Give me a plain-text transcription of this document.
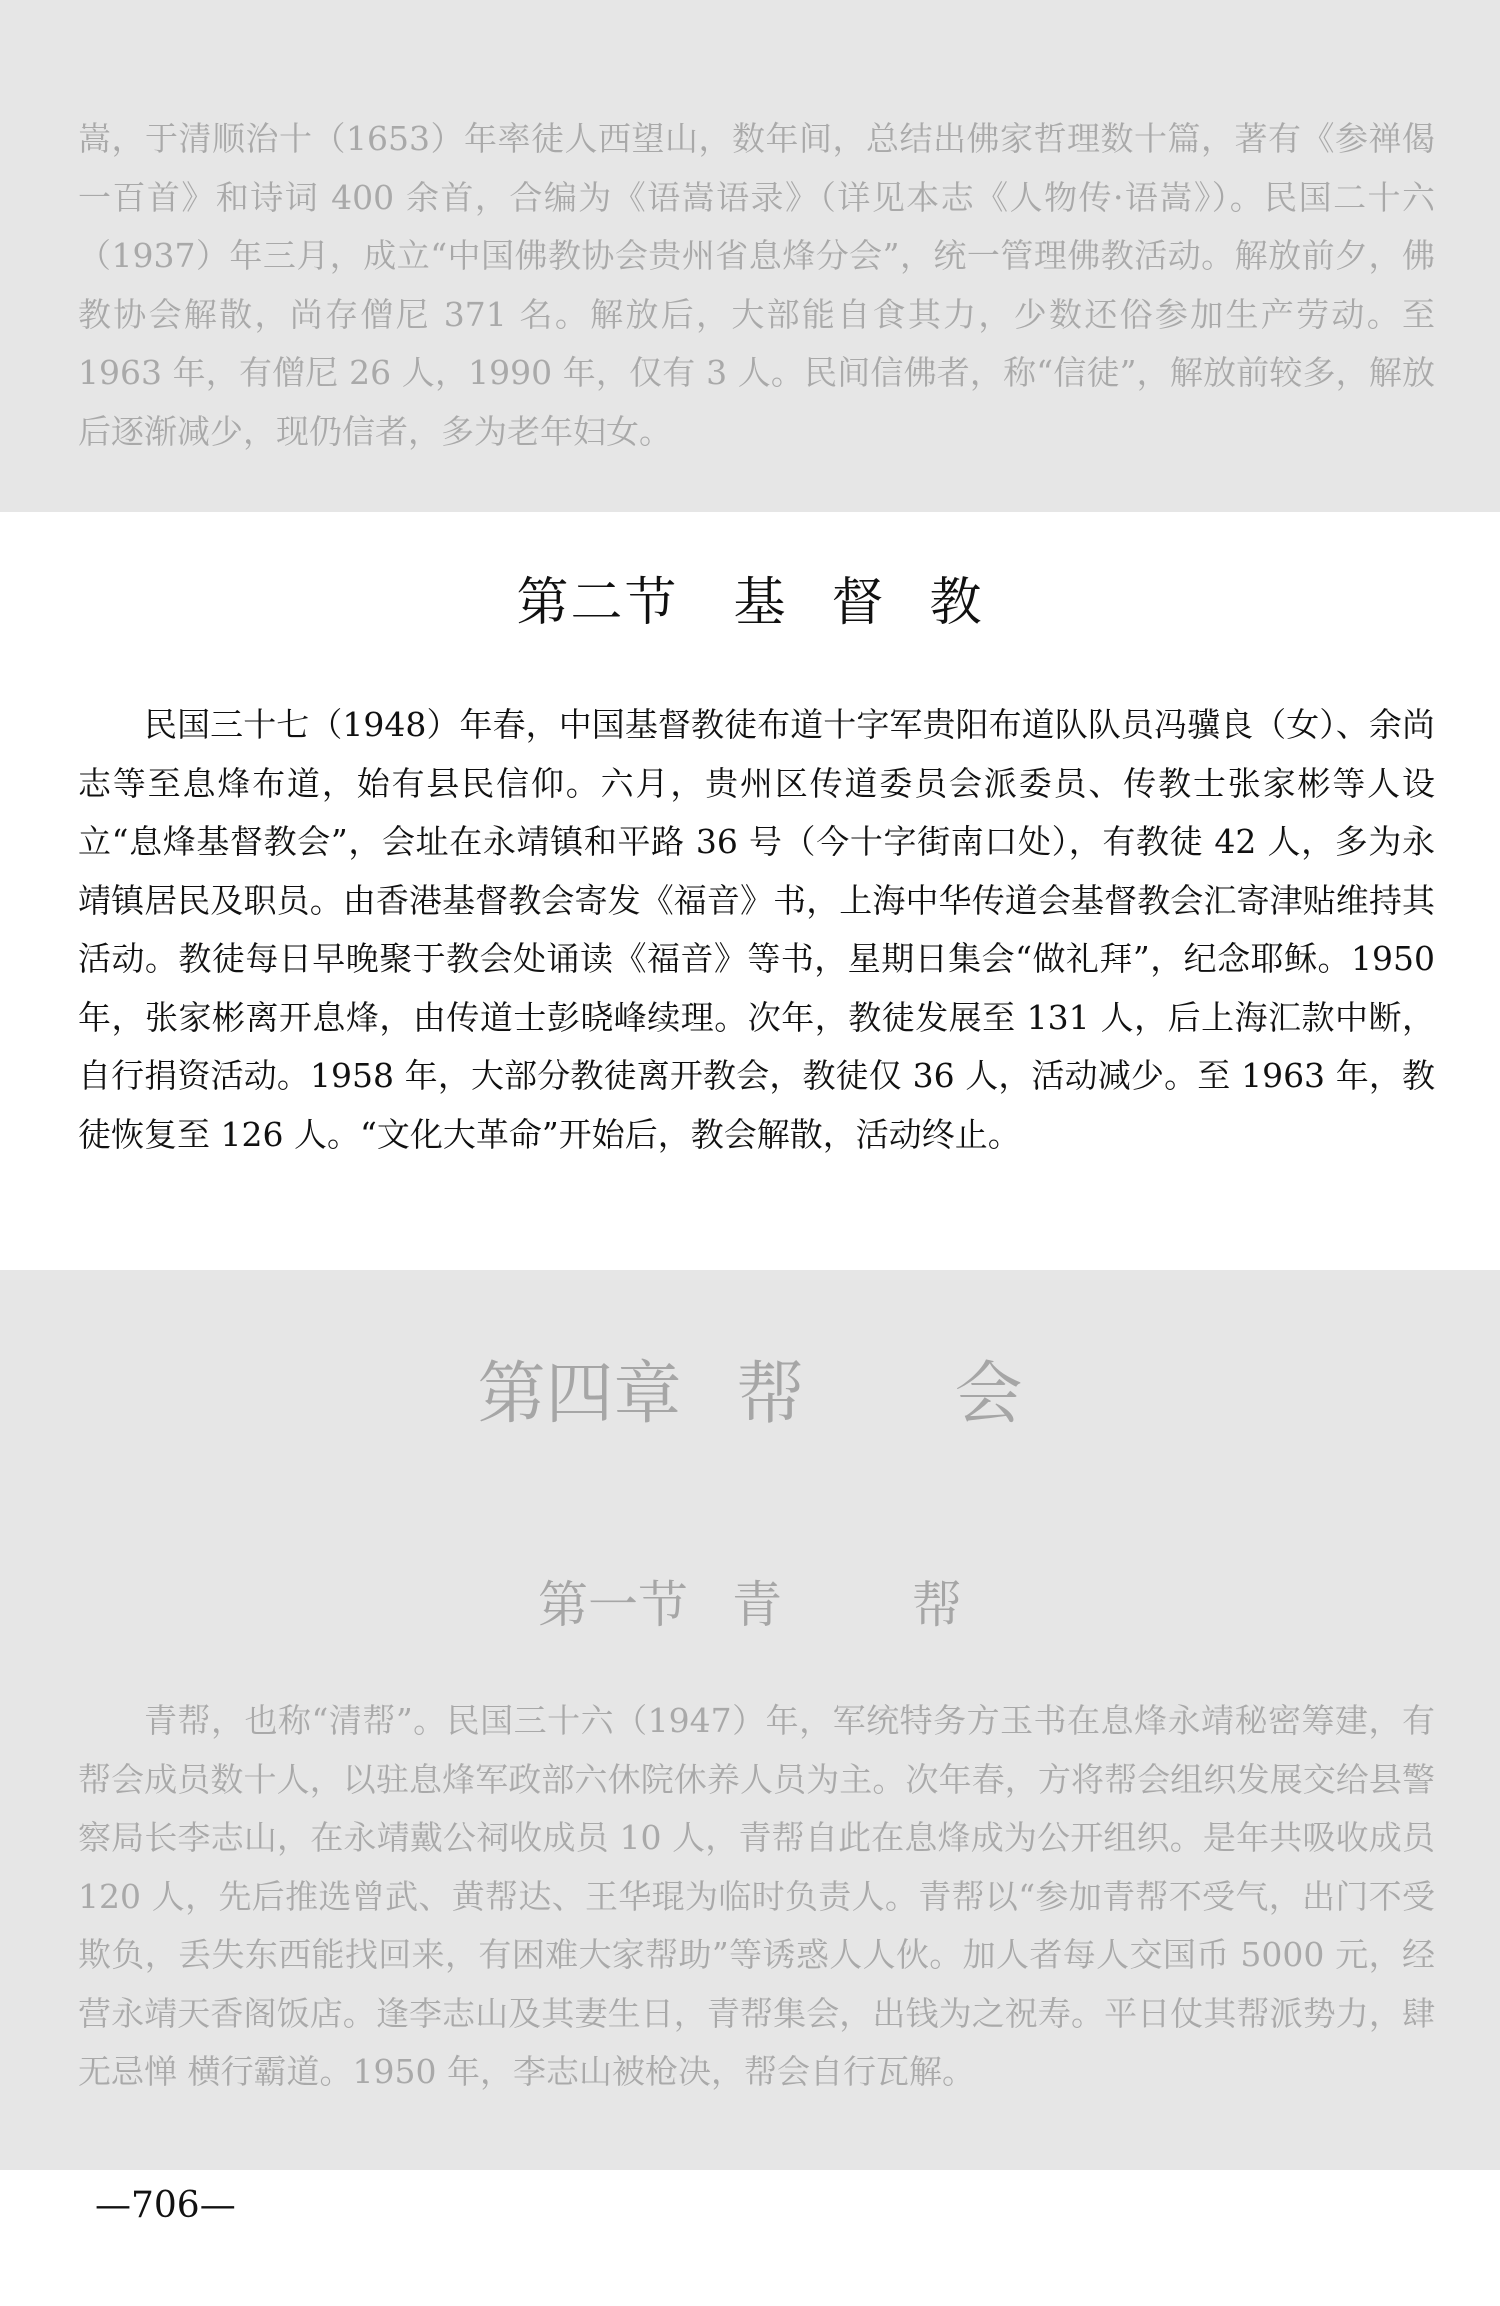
嵩，于清顺治十（1653）年率徒人西望山，数年间，总结出佛家哲理数十篇，著有《参禅偈一百首》和诗词 400 余首，合编为《语嵩语录》（详见本志《人物传·语嵩》）。民国二十六（1937）年三月，成立“中国佛教协会贵州省息烽分会”，统一管理佛教活动。解放前夕，佛教协会解散，尚存僧尼 371 名。解放后，大部能自食其力，少数还俗参加生产劳动。至 1963 年，有僧尼 26 人，1990 年，仅有 3 人。民间信佛者，称“信徒”，解放前较多，解放后逐渐减少，现仍信者，多为老年妇女。

第二节 基 督 教

民国三十七（1948）年春，中国基督教徒布道十字军贵阳布道队队员冯骥良（女）、余尚志等至息烽布道，始有县民信仰。六月，贵州区传道委员会派委员、传教士张家彬等人设立“息烽基督教会”，会址在永靖镇和平路 36 号（今十字街南口处），有教徒 42 人，多为永靖镇居民及职员。由香港基督教会寄发《福音》书，上海中华传道会基督教会汇寄津贴维持其活动。教徒每日早晚聚于教会处诵读《福音》等书，星期日集会“做礼拜”，纪念耶稣。1950 年，张家彬离开息烽，由传道士彭晓峰续理。次年，教徒发展至 131 人，后上海汇款中断，自行捐资活动。1958 年，大部分教徒离开教会，教徒仅 36 人，活动减少。至 1963 年，教徒恢复至 126 人。“文化大革命”开始后，教会解散，活动终止。

第四章 帮 会
第一节 青	帮

青帮，也称“清帮”。民国三十六（1947）年，军统特务方玉书在息烽永靖秘密筹建，有帮会成员数十人，以驻息烽军政部六休院休养人员为主。次年春，方将帮会组织发展交给县警察局长李志山，在永靖戴公祠收成员 10 人，青帮自此在息烽成为公开组织。是年共吸收成员 120 人，先后推选曾武、黄帮达、王华琨为临时负责人。青帮以“参加青帮不受气，出门不受欺负，丢失东西能找回来，有困难大家帮助”等诱惑人人伙。加人者每人交国币 5000 元，经营永靖天香阁饭店。逢李志山及其妻生日，青帮集会，出钱为之祝寿。平日仗其帮派势力，肆无忌惮 横行霸道。1950 年，李志山被枪决，帮会自行瓦解。

—706—
